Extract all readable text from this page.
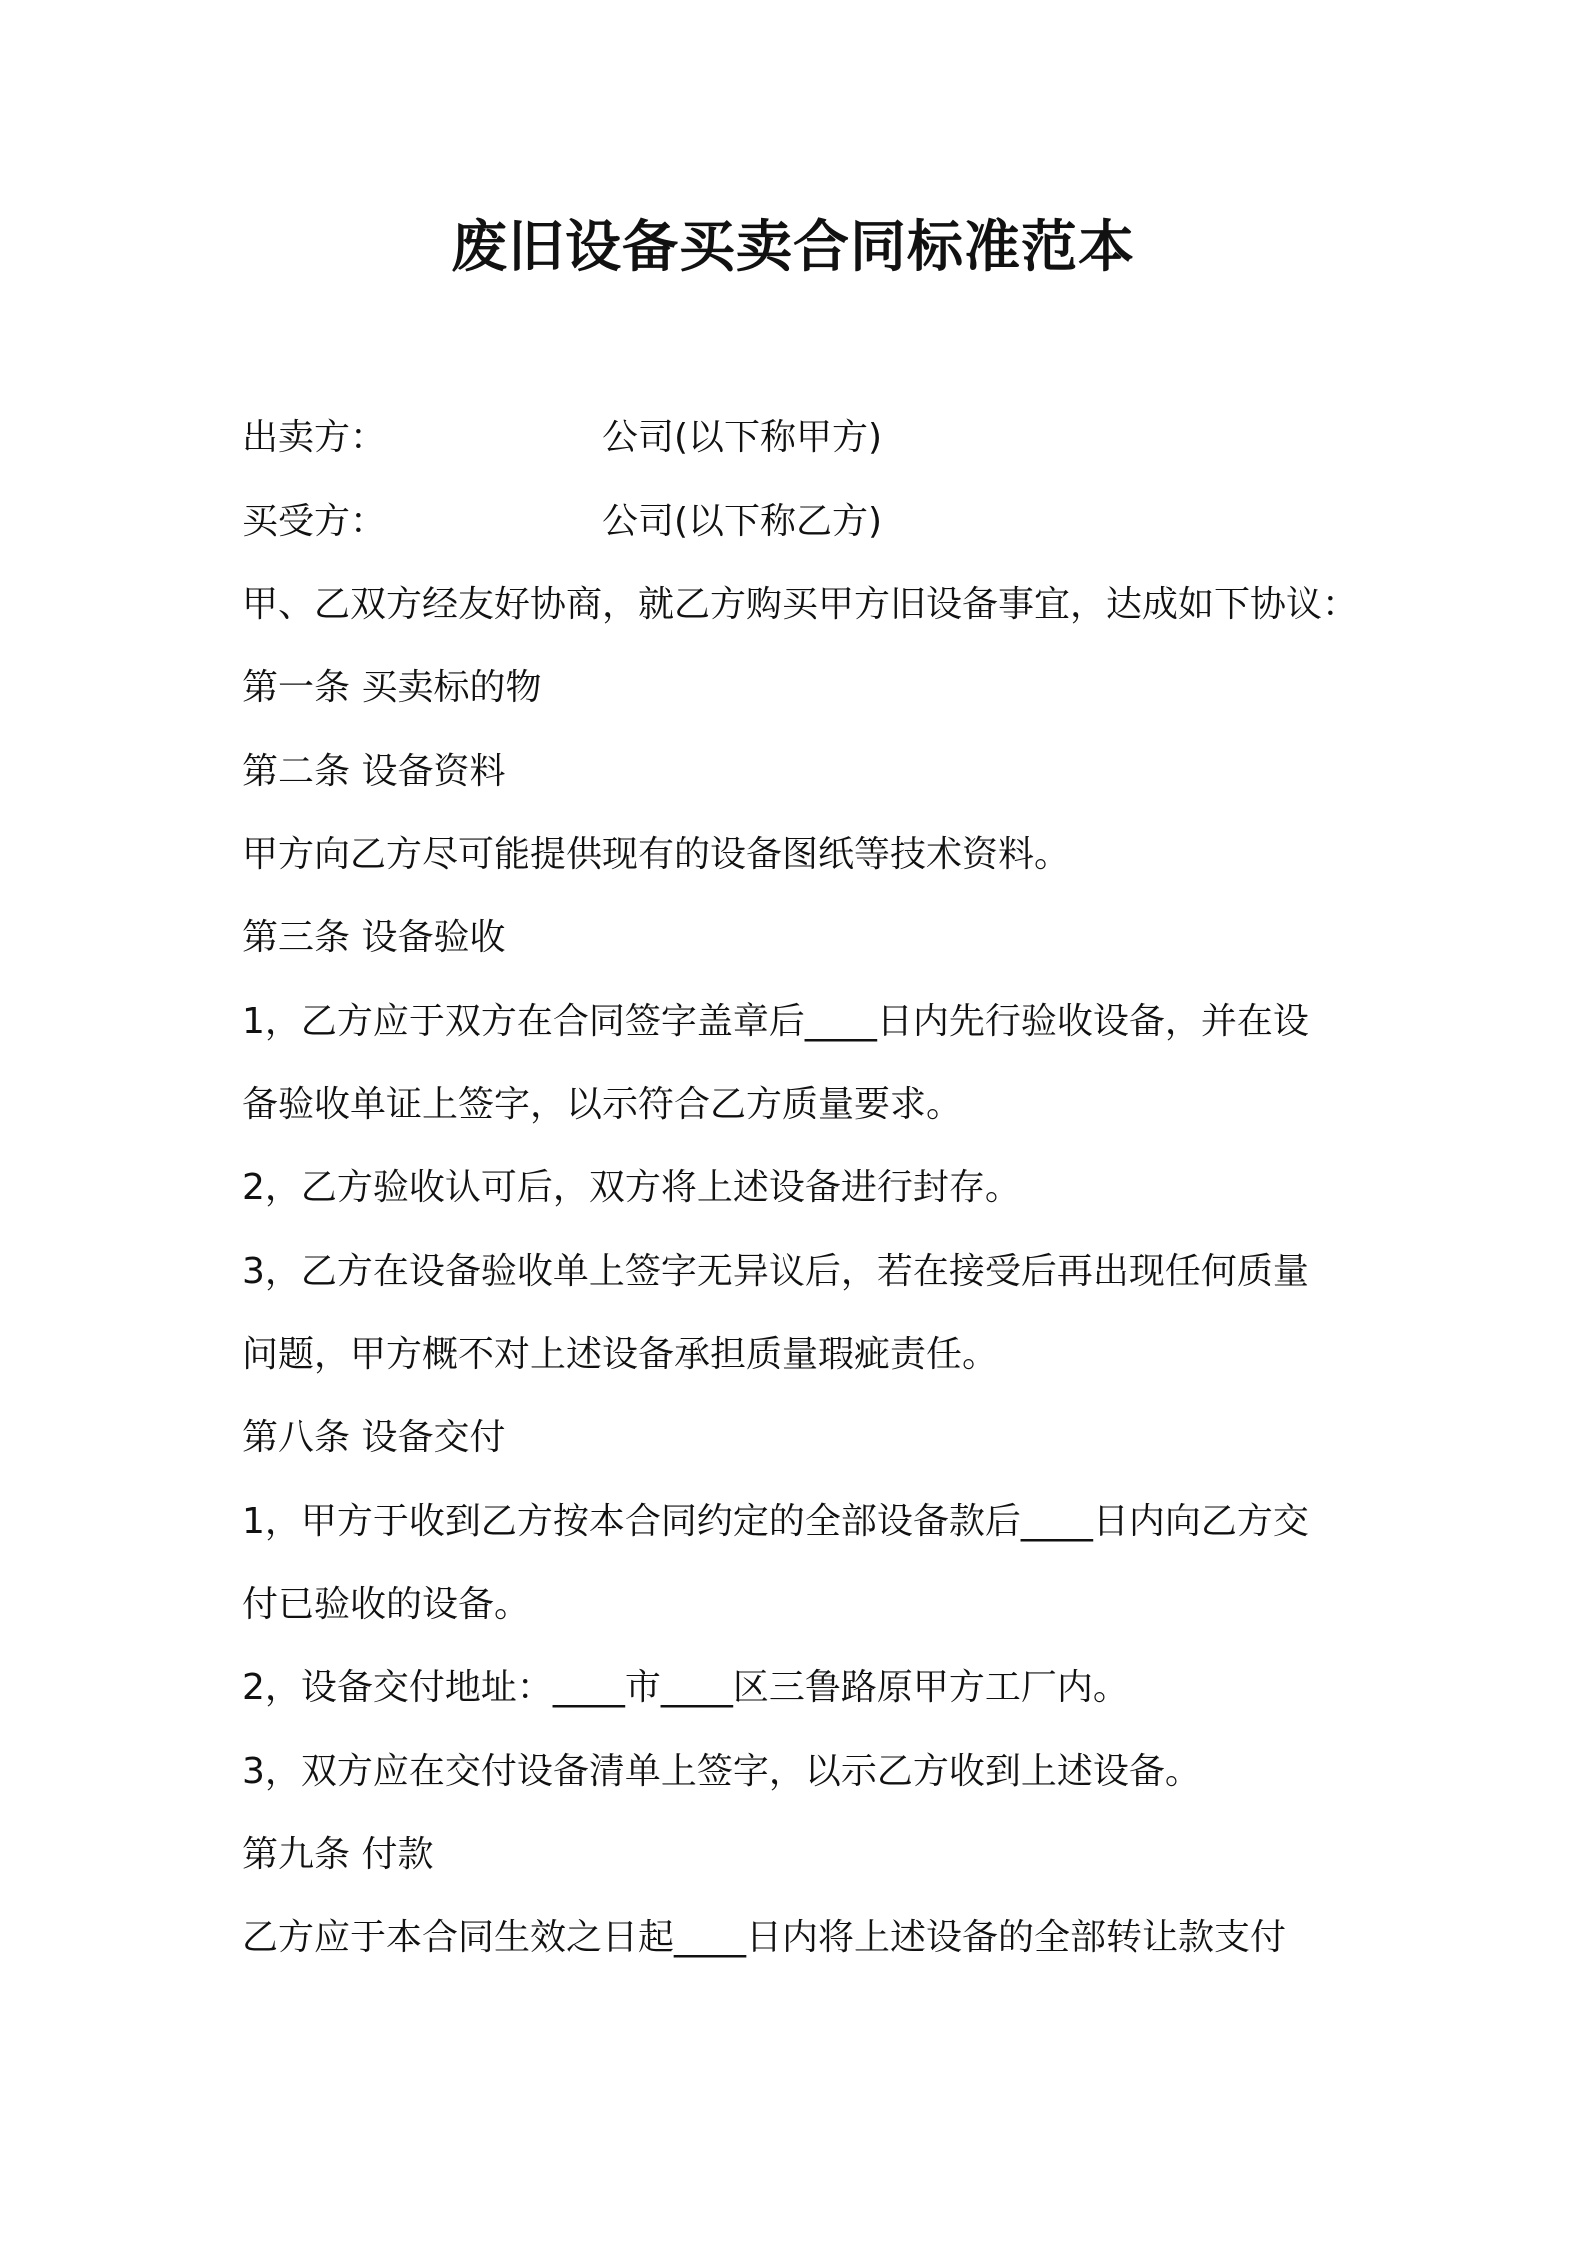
废旧设备买卖合同标准范本
出卖方：	公司(以下称甲方)
买受方：	公司(以下称乙方)
甲、乙双方经友好协商，就乙方购买甲方旧设备事宜，达成如下协议：
第一条 买卖标的物
第二条 设备资料
甲方向乙方尽可能提供现有的设备图纸等技术资料。
第三条 设备验收
1，乙方应于双方在合同签字盖章后____日内先行验收设备，并在设
备验收单证上签字，以示符合乙方质量要求。
2，乙方验收认可后，双方将上述设备进行封存。
3，乙方在设备验收单上签字无异议后，若在接受后再出现任何质量
问题，甲方概不对上述设备承担质量瑕疵责任。
第八条 设备交付
1，甲方于收到乙方按本合同约定的全部设备款后____日内向乙方交
付已验收的设备。
2，设备交付地址：____市____区三鲁路原甲方工厂内。
3，双方应在交付设备清单上签字，以示乙方收到上述设备。
第九条 付款
乙方应于本合同生效之日起____日内将上述设备的全部转让款支付
